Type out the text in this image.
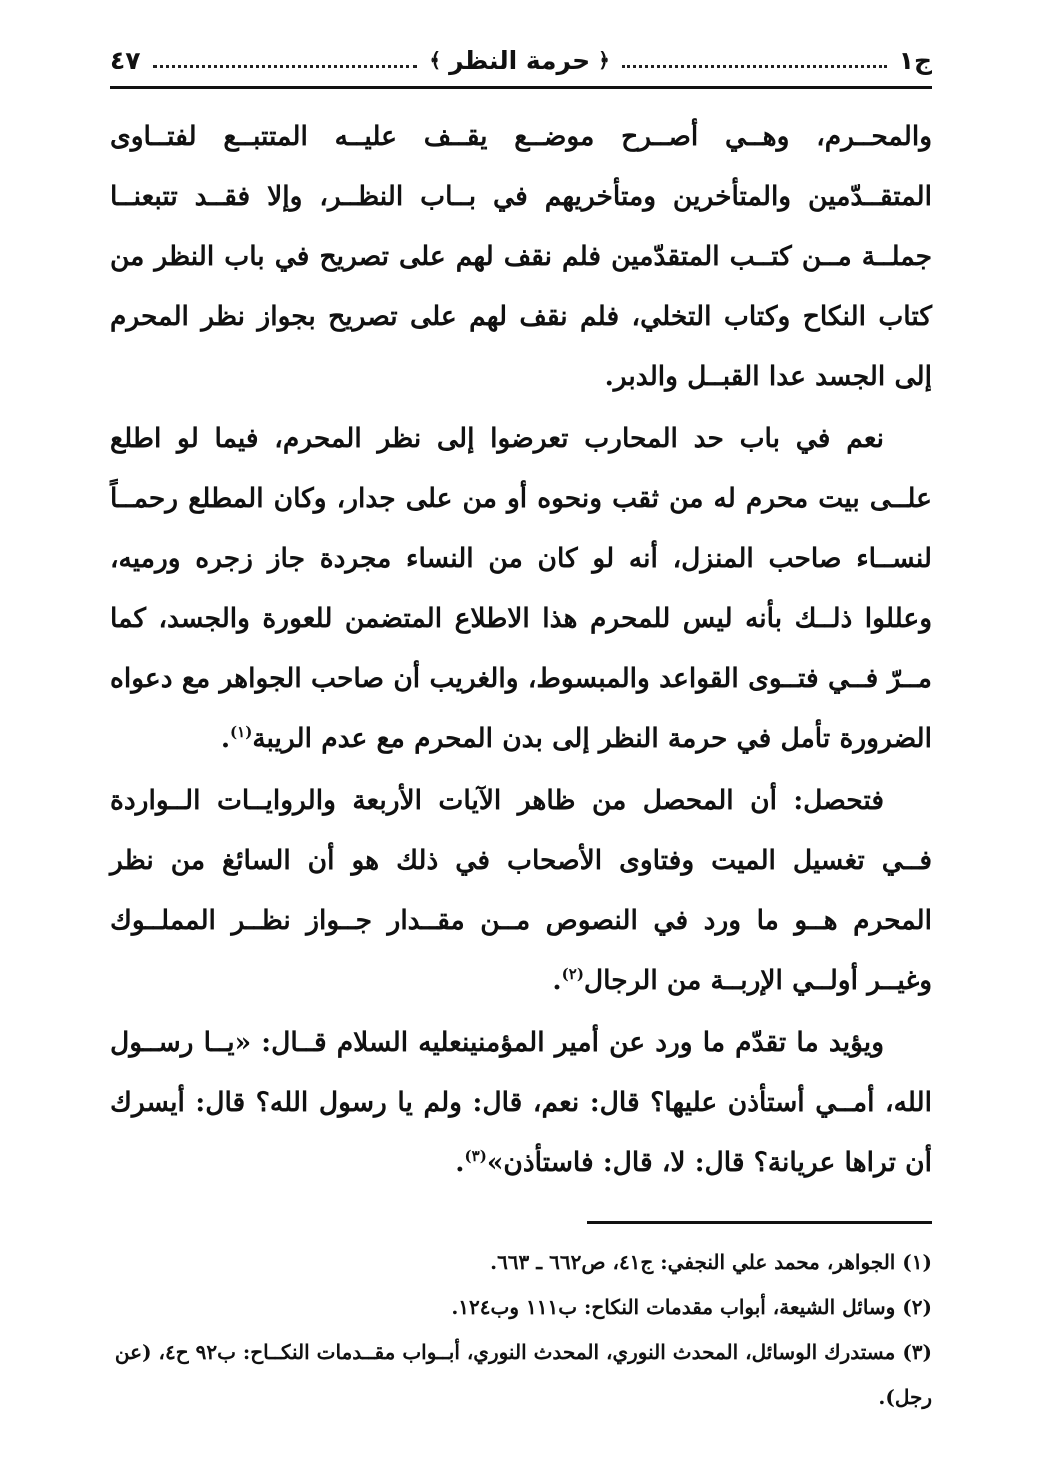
ج١
﴿
حرمة النظر
﴾
٤٧

والمحــرم، وهــي أصــرح موضــع يقــف عليــه المتتبــع لفتــاوى المتقــدّمين والمتأخرين ومتأخريهم في بــاب النظــر، وإلا فقــد تتبعنــا جملــة مــن كتــب المتقدّمين فلم نقف لهم على تصريح في باب النظر من كتاب النكاح وكتاب التخلي، فلم نقف لهم على تصريح بجواز نظر المحرم إلى الجسد عدا القبــل والدبر.

نعم في باب حد المحارب تعرضوا إلى نظر المحرم، فيما لو اطلع علــى بيت محرم له من ثقب ونحوه أو من على جدار، وكان المطلع رحمــاً لنســاء صاحب المنزل، أنه لو كان من النساء مجردة جاز زجره ورميه، وعللوا ذلــك بأنه ليس للمحرم هذا الاطلاع المتضمن للعورة والجسد، كما مــرّ فــي فتــوى القواعد والمبسوط، والغريب أن صاحب الجواهر مع دعواه الضرورة تأمل في حرمة النظر إلى بدن المحرم مع عدم الريبة$^{(١)}$.

فتحصل: أن المحصل من ظاهر الآيات الأربعة والروايــات الــواردة فــي تغسيل الميت وفتاوى الأصحاب في ذلك هو أن السائغ من نظر المحرم هــو ما ورد في النصوص مــن مقــدار جــواز نظــر المملــوك وغيــر أولــي الإربــة من الرجال$^{(٢)}$.

ويؤيد ما تقدّم ما ورد عن أمير المؤمنينعليه السلام قــال: «يــا رســول الله، أمــي أستأذن عليها؟ قال: نعم، قال: ولم يا رسول الله؟ قال: أيسرك أن تراها عريانة؟ قال: لا، قال: فاستأذن»$^{(٣)}$.

(١) الجواهر، محمد علي النجفي: ج٤١، ص٦٦٢ ـ ٦٦٣.

(٢) وسائل الشيعة، أبواب مقدمات النكاح: ب١١١ وب١٢٤.

(٣) مستدرك الوسائل، المحدث النوري، المحدث النوري، أبــواب مقــدمات النكــاح: ب٩٢ ح٤، (عن رجل).
